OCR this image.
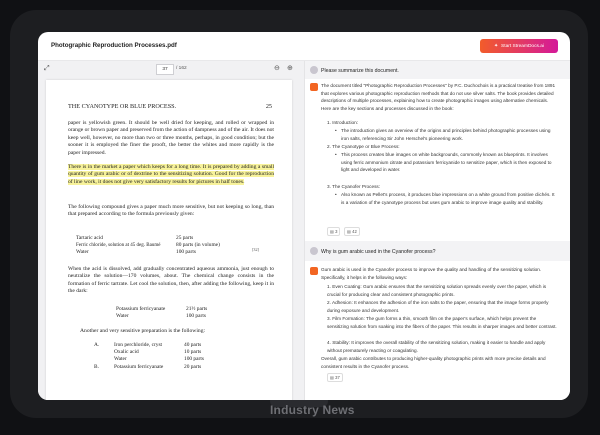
Photographic Reproduction Processes.pdf	✦ Start StreamDocs.ai
⤢	37	/ 162	⊖ ⊕
THE CYANOTYPE OR BLUE PROCESS.	25

paper is yellowish green. It should be well dried for keeping, and rolled or wrapped in orange or brown paper and preserved from the action of dampness and of the air. It does not keep well, however, no more than two or three months, perhaps, in good condition; but the sooner it is employed the finer the prooft, the better the whites and more rapidly is the paper impressed.

There is in the market a paper which keeps for a long time. It is prepared by adding a small quantity of gum arabic or of dextrine to the sensitizing solution. Good for the reproduction of line work, it does not give very satisfactory results for pictures in half tones.

[32]

The following compound gives a paper much more sensitive, but not keeping so long, than that prepared according to the formula previously given:

Tartaric acid	25 parts
Ferric chloride, solution at 45 deg. Baumé	80 parts (in volume)
Water	100 parts

When the acid is dissolved, add gradually concentrated aqueous ammonia, just enough to neutralize the solution—170 volumes, about. The chemical change consists in the formation of ferric tartrate. Let cool the solution, then, after adding the following, keep it in the dark:

Potassium ferricyanate	21½ parts
Water	100 parts

Another and very sensitive preparation is the following:

A.	Iron perchloride, cryst	40 parts
Oxalic acid	10 parts
Water	100 parts
B.	Potassium ferricyanate	20 parts
Please summarize this document.

The document titled "Photographic Reproduction Processes" by P.C. Duchochois is a practical treatise from 1891 that explores various photographic reproduction methods that do not use silver salts. The book provides detailed descriptions of multiple processes, explaining how to create photographic images using alternative chemicals. Here are the key sections and processes discussed in the book:

1. Introduction:
• The introduction gives an overview of the origins and principles behind photographic processes using iron salts, referencing Sir John Herschel's pioneering work.

2. The Cyanotype or Blue Process:
• This process creates blue images on white backgrounds, commonly known as blueprints. It involves using ferric ammonium citrate and potassium ferricyanide to sensitize paper, which is then exposed to light and developed in water.

3. The Cyanofer Process:
• Also known as Pellet's process, it produces blue impressions on a white ground from positive clichés. It is a variation of the cyanotype process but uses gum arabic to improve image quality and stability.

▤ 3	▤ 42
Why is gum arabic used in the Cyanofer process?

Gum arabic is used in the Cyanofer process to improve the quality and handling of the sensitizing solution. Specifically, it helps in the following ways:

1. Even Coating: Gum arabic ensures that the sensitizing solution spreads evenly over the paper, which is crucial for producing clear and consistent photographic prints.

2. Adhesion: It enhances the adhesion of the iron salts to the paper, ensuring that the image forms properly during exposure and development.

3. Film Formation: The gum forms a thin, smooth film on the paper's surface, which helps prevent the sensitizing solution from soaking into the fibers of the paper. This results in sharper images and better contrast.

4. Stability: It improves the overall stability of the sensitizing solution, making it easier to handle and apply without prematurely reacting or coagulating.

Overall, gum arabic contributes to producing higher-quality photographic prints with more precise details and consistent results in the Cyanofer process.

▤ 37
Industry News
